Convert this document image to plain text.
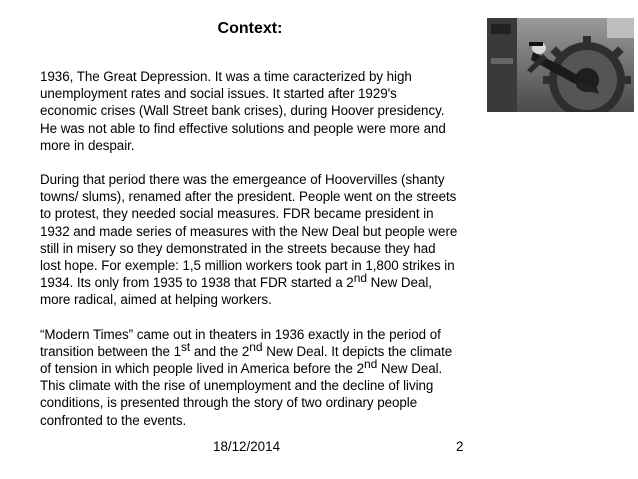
Context:
1936, The Great Depression. It was a time caracterized by high
unemployment rates and social issues. It started after 1929's
economic crises (Wall Street bank crises), during Hoover presidency.
He was not able to find effective solutions and people were more and
more in despair.
During that period there was the emergeance of Hoovervilles (shanty
towns/ slums), renamed after the president. People went on the streets
to protest, they needed social measures. FDR became president in
1932 and made series of measures with the New Deal but people were
still in misery so they demonstrated in the streets because they had
lost hope. For exemple: 1,5 million workers took part in 1,800 strikes in
1934. Its only from 1935 to 1938 that FDR started a 2nd New Deal,
more radical, aimed at helping workers.
“Modern Times” came out in theaters in 1936 exactly in the period of
transition between the 1st and the 2nd New Deal. It depicts the climate
of tension in which people lived in America before the 2nd New Deal.
This climate with the rise of unemployment and the decline of living
conditions, is presented through the story of two ordinary people
confronted to the events.
18/12/2014	2
